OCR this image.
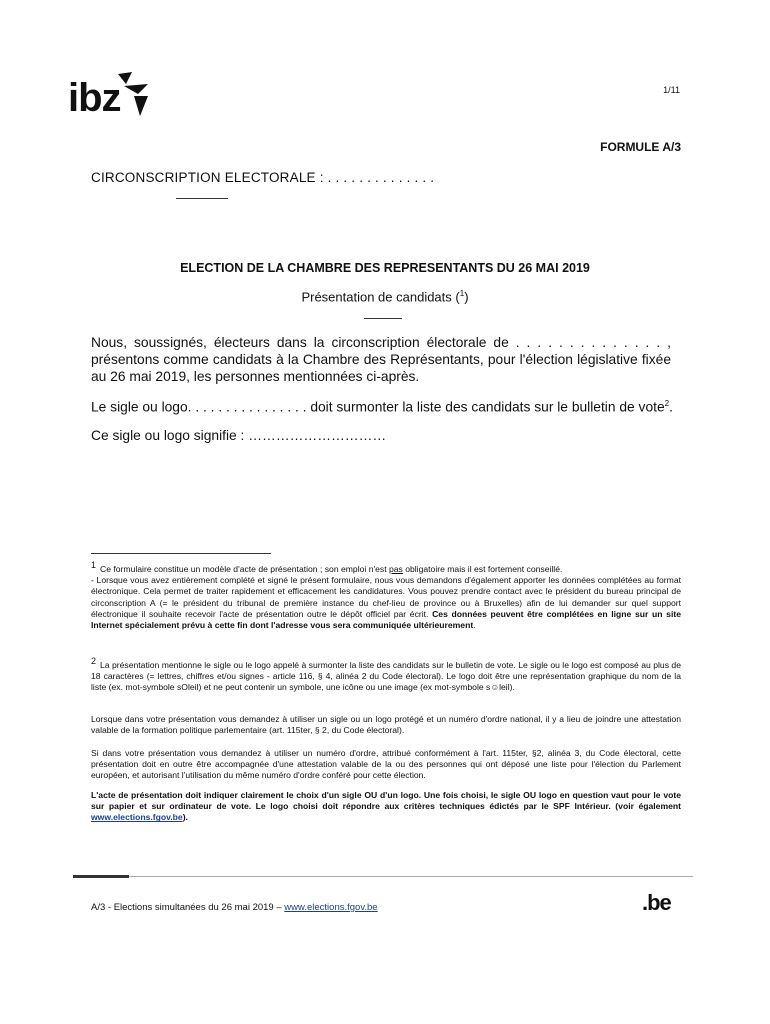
ibz	1/11
FORMULE A/3
CIRCONSCRIPTION ELECTORALE : . . . . . . . . . . . . . .
ELECTION DE LA CHAMBRE DES REPRESENTANTS DU 26 MAI 2019
Présentation de candidats ($^1$)
Nous, soussignés, électeurs dans la circonscription électorale de . . . . . . . . . . . . . . , présentons comme candidats à la Chambre des Représentants, pour l'élection législative fixée au 26 mai 2019, les personnes mentionnées ci-après.
Le sigle ou logo. . . . . . . . . . . . . . . . doit surmonter la liste des candidats sur le bulletin de vote$^2$.
Ce sigle ou logo signifie : …………………………
$^1$ Ce formulaire constitue un modèle d'acte de présentation ; son emploi n'est pas obligatoire mais il est fortement conseillé.
- Lorsque vous avez entièrement complété et signé le présent formulaire, nous vous demandons d'également apporter les données complétées au format électronique. Cela permet de traiter rapidement et efficacement les candidatures. Vous pouvez prendre contact avec le président du bureau principal de circonscription A (= le président du tribunal de première instance du chef-lieu de province ou à Bruxelles) afin de lui demander sur quel support électronique il souhaite recevoir l'acte de présentation outre le dépôt officiel par écrit. Ces données peuvent être complétées en ligne sur un site Internet spécialement prévu à cette fin dont l'adresse vous sera communiquée ultérieurement.
$^2$ La présentation mentionne le sigle ou le logo appelé à surmonter la liste des candidats sur le bulletin de vote. Le sigle ou le logo est composé au plus de 18 caractères (= lettres, chiffres et/ou signes - article 116, § 4, alinéa 2 du Code électoral). Le logo doit être une représentation graphique du nom de la liste (ex. mot-symbole sOleil) et ne peut contenir un symbole, une icône ou une image (ex mot-symbole s☺leil).
Lorsque dans votre présentation vous demandez à utiliser un sigle ou un logo protégé et un numéro d'ordre national, il y a lieu de joindre une attestation valable de la formation politique parlementaire (art. 115ter, § 2, du Code électoral).
Si dans votre présentation vous demandez à utiliser un numéro d'ordre, attribué conformément à l'art. 115ter, §2, alinéa 3, du Code électoral, cette présentation doit en outre être accompagnée d'une attestation valable de la ou des personnes qui ont déposé une liste pour l'élection du Parlement européen, et autorisant l'utilisation du même numéro d'ordre conféré pour cette élection.
L'acte de présentation doit indiquer clairement le choix d'un sigle OU d'un logo. Une fois choisi, le sigle OU logo en question vaut pour le vote sur papier et sur ordinateur de vote. Le logo choisi doit répondre aux critères techniques édictés par le SPF Intérieur. (voir également www.elections.fgov.be).
A/3 - Elections simultanées du 26 mai 2019 – www.elections.fgov.be	.be
